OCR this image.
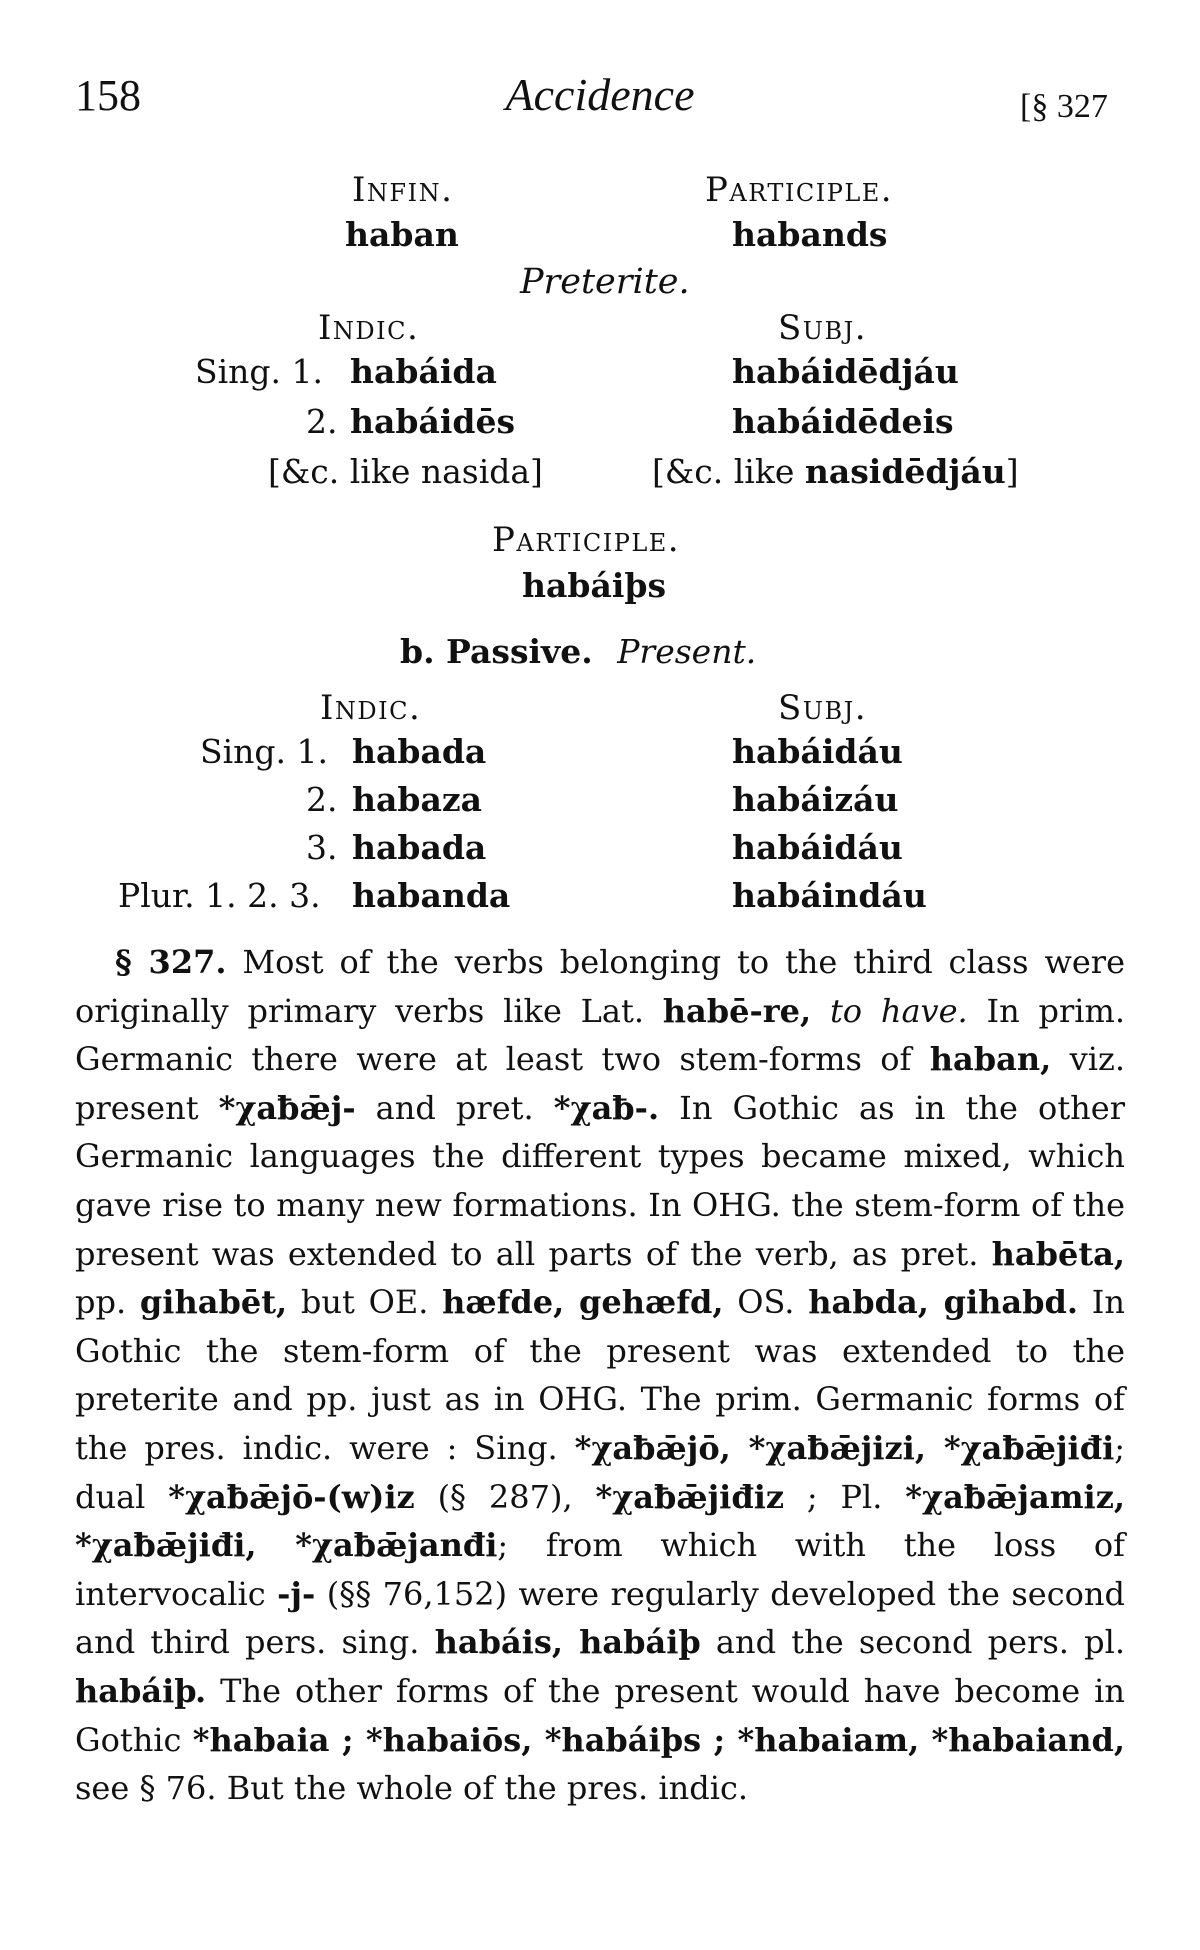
158	Accidence	[§ 327
Infin.	Participle.
haban	habands
Preterite.
Indic.	Subj.
Sing. 1. habáida	habáidēdjáu
2. habáidēs	habáidēdeis
[&c. like nasida]	[&c. like nasidēdjáu]
Participle.
habáiþs
b. Passive. Present.
Indic.	Subj.
Sing. 1. habada	habáidáu
2. habaza	habáizáu
3. habada	habáidáu
Plur. 1. 2. 3. habanda	habáindáu

§ 327. Most of the verbs belonging to the third class were originally primary verbs like Lat. habē-re, to have. In prim. Germanic there were at least two stem-forms of haban, viz. present *χaƀǣj- and pret. *χaƀ-. In Gothic as in the other Germanic languages the different types became mixed, which gave rise to many new formations. In OHG. the stem-form of the present was extended to all parts of the verb, as pret. habēta, pp. gihabēt, but OE. hæfde, gehæfd, OS. habda, gihabd. In Gothic the stem-form of the present was extended to the preterite and pp. just as in OHG. The prim. Germanic forms of the pres. indic. were : Sing. *χaƀǣjō, *χaƀǣjizi, *χaƀǣjiđi; dual *χaƀǣjō-(w)iz (§ 287), *χaƀǣjiđiz ; Pl. *χaƀǣjamiz, *χaƀǣjiđi, *χaƀǣjanđi; from which with the loss of intervocalic -j- (§§ 76,152) were regularly developed the second and third pers. sing. habáis, habáiþ and the second pers. pl. habáiþ. The other forms of the present would have become in Gothic *habaia ; *habaiōs, *habáiþs ; *habaiam, *habaiand, see § 76. But the whole of the pres. indic.
